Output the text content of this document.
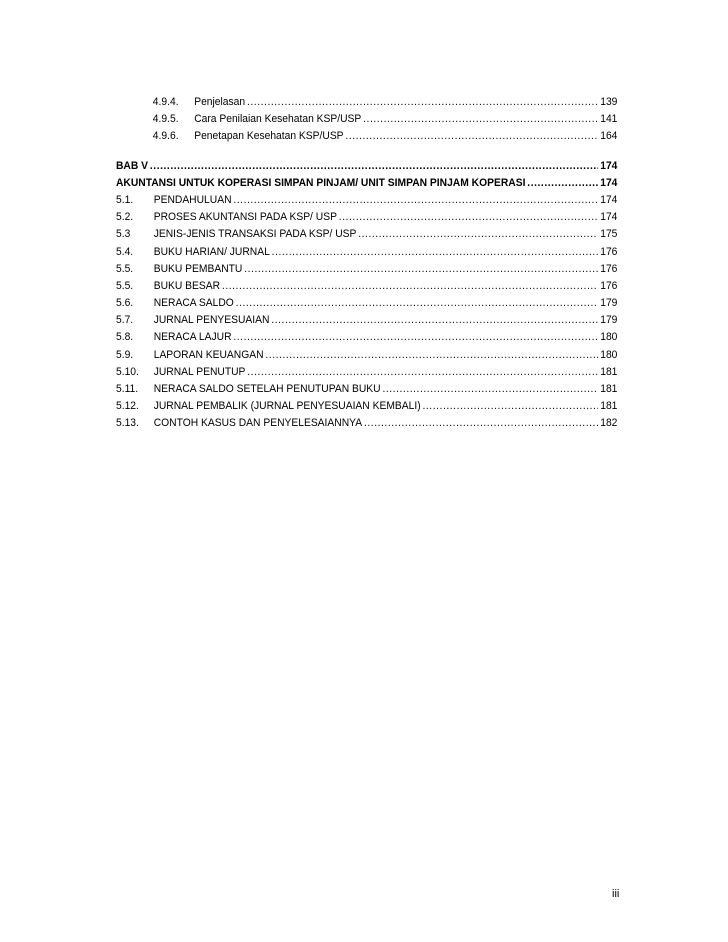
4.9.4.	Penjelasan .....	139
4.9.5.	Cara Penilaian Kesehatan KSP/USP .....	141
4.9.6.	Penetapan Kesehatan KSP/USP .....	164
BAB V .....	174
AKUNTANSI UNTUK KOPERASI SIMPAN PINJAM/ UNIT SIMPAN PINJAM KOPERASI .....	174
5.1.	PENDAHULUAN .....	174
5.2.	PROSES AKUNTANSI PADA KSP/ USP .....	174
5.3	JENIS-JENIS TRANSAKSI PADA KSP/ USP .....	175
5.4.	BUKU HARIAN/ JURNAL .....	176
5.5.	BUKU PEMBANTU .....	176
5.5.	BUKU BESAR .....	176
5.6.	NERACA SALDO .....	179
5.7.	JURNAL PENYESUAIAN .....	179
5.8.	NERACA LAJUR .....	180
5.9.	LAPORAN KEUANGAN .....	180
5.10.	JURNAL PENUTUP .....	181
5.11.	NERACA SALDO SETELAH PENUTUPAN BUKU .....	181
5.12.	JURNAL PEMBALIK (JURNAL PENYESUAIAN KEMBALI) .....	181
5.13.	CONTOH KASUS DAN PENYELESAIANNYA .....	182
iii
